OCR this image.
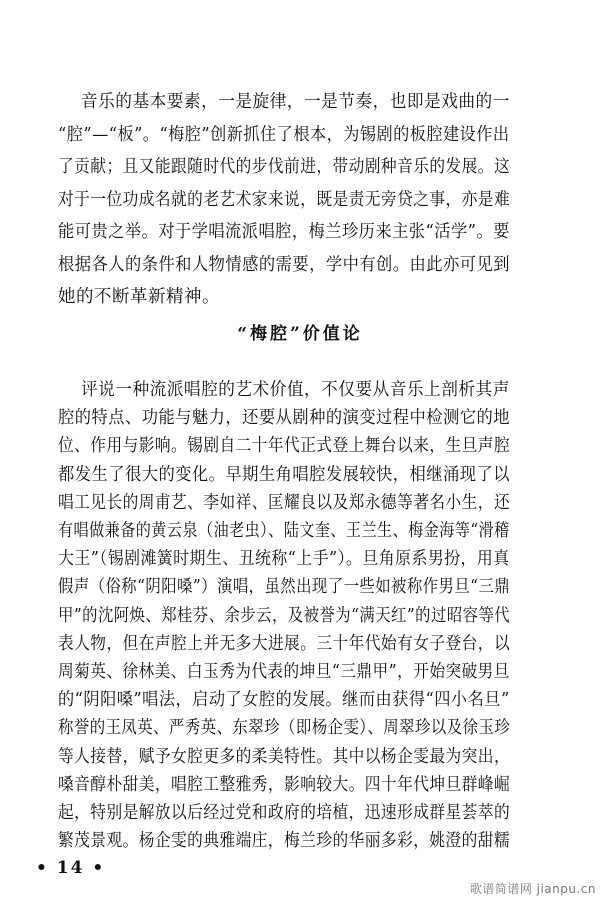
音乐的基本要素，一是旋律，一是节奏，也即是戏曲的一
“腔”—“板”。“梅腔”创新抓住了根本，为锡剧的板腔建设作出
了贡献；且又能跟随时代的步伐前进，带动剧种音乐的发展。这
对于一位功成名就的老艺术家来说，既是责无旁贷之事，亦是难
能可贵之举。对于学唱流派唱腔，梅兰珍历来主张“活学”。要
根据各人的条件和人物情感的需要，学中有创。由此亦可见到
她的不断革新精神。
“梅腔”价值论
评说一种流派唱腔的艺术价值，不仅要从音乐上剖析其声
腔的特点、功能与魅力，还要从剧种的演变过程中检测它的地
位、作用与影响。锡剧自二十年代正式登上舞台以来，生旦声腔
都发生了很大的变化。早期生角唱腔发展较快，相继涌现了以
唱工见长的周甫艺、李如祥、匡耀良以及郑永德等著名小生，还
有唱做兼备的黄云泉（油老虫）、陆文奎、王兰生、梅金海等“滑稽
大王”（锡剧滩簧时期生、丑统称“上手”）。旦角原系男扮，用真
假声（俗称“阴阳嗓”）演唱，虽然出现了一些如被称作男旦“三鼎
甲”的沈阿焕、郑桂芬、余步云，及被誉为“满天红”的过昭容等代
表人物，但在声腔上并无多大进展。三十年代始有女子登台，以
周菊英、徐林美、白玉秀为代表的坤旦“三鼎甲”，开始突破男旦
的“阴阳嗓”唱法，启动了女腔的发展。继而由获得“四小名旦”
称誉的王凤英、严秀英、东翠珍（即杨企雯）、周翠珍以及徐玉珍
等人接替，赋予女腔更多的柔美特性。其中以杨企雯最为突出，
嗓音醇朴甜美，唱腔工整雅秀，影响较大。四十年代坤旦群峰崛
起，特别是解放以后经过党和政府的培植，迅速形成群星荟萃的
繁茂景观。杨企雯的典雅端庄，梅兰珍的华丽多彩，姚澄的甜糯
• 14 •
歌谱简谱网 jianpu.cn
